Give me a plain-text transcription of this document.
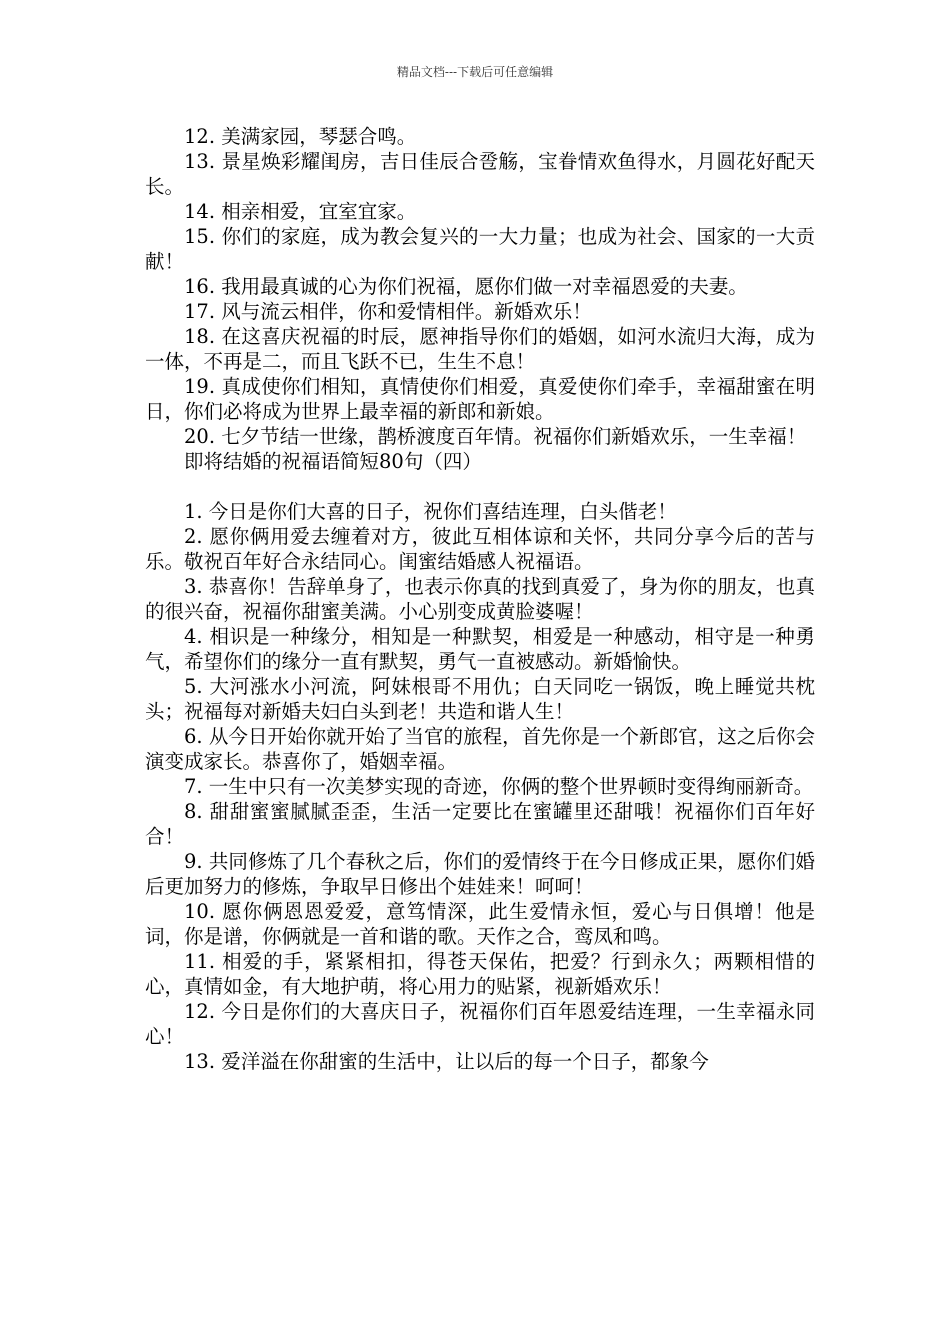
精品文档---下载后可任意编辑

12. 美满家园，琴瑟合鸣。

13. 景星焕彩耀闺房，吉日佳辰合卺觞，宝眷情欢鱼得水，月圆花好配天长。

14. 相亲相爱，宜室宜家。

15. 你们的家庭，成为教会复兴的一大力量；也成为社会、国家的一大贡献！

16. 我用最真诚的心为你们祝福，愿你们做一对幸福恩爱的夫妻。

17. 风与流云相伴，你和爱情相伴。新婚欢乐！

18. 在这喜庆祝福的时辰，愿神指导你们的婚姻，如河水流归大海，成为一体，不再是二，而且飞跃不已，生生不息！

19. 真成使你们相知，真情使你们相爱，真爱使你们牵手，幸福甜蜜在明日，你们必将成为世界上最幸福的新郎和新娘。

20. 七夕节结一世缘，鹊桥渡度百年情。祝福你们新婚欢乐，一生幸福！

即将结婚的祝福语简短80句（四）

1. 今日是你们大喜的日子，祝你们喜结连理，白头偕老！

2. 愿你俩用爱去缠着对方，彼此互相体谅和关怀，共同分享今后的苦与乐。敬祝百年好合永结同心。闺蜜结婚感人祝福语。

3. 恭喜你！告辞单身了，也表示你真的找到真爱了，身为你的朋友，也真的很兴奋，祝福你甜蜜美满。小心别变成黄脸婆喔！

4. 相识是一种缘分，相知是一种默契，相爱是一种感动，相守是一种勇气，希望你们的缘分一直有默契，勇气一直被感动。新婚愉快。

5. 大河涨水小河流，阿妹根哥不用仇；白天同吃一锅饭，晚上睡觉共枕头；祝福每对新婚夫妇白头到老！共造和谐人生！

6. 从今日开始你就开始了当官的旅程，首先你是一个新郎官，这之后你会演变成家长。恭喜你了，婚姻幸福。

7. 一生中只有一次美梦实现的奇迹，你俩的整个世界顿时变得绚丽新奇。

8. 甜甜蜜蜜腻腻歪歪，生活一定要比在蜜罐里还甜哦！祝福你们百年好合！

9. 共同修炼了几个春秋之后，你们的爱情终于在今日修成正果，愿你们婚后更加努力的修炼，争取早日修出个娃娃来！呵呵！

10. 愿你俩恩恩爱爱，意笃情深，此生爱情永恒，爱心与日俱增！他是词，你是谱，你俩就是一首和谐的歌。天作之合，鸾凤和鸣。

11. 相爱的手，紧紧相扣，得苍天保佑，把爱？行到永久；两颗相惜的心，真情如金，有大地护萌，将心用力的贴紧，视新婚欢乐！

12. 今日是你们的大喜庆日子，祝福你们百年恩爱结连理，一生幸福永同心！

13. 爱洋溢在你甜蜜的生活中，让以后的每一个日子，都象今
